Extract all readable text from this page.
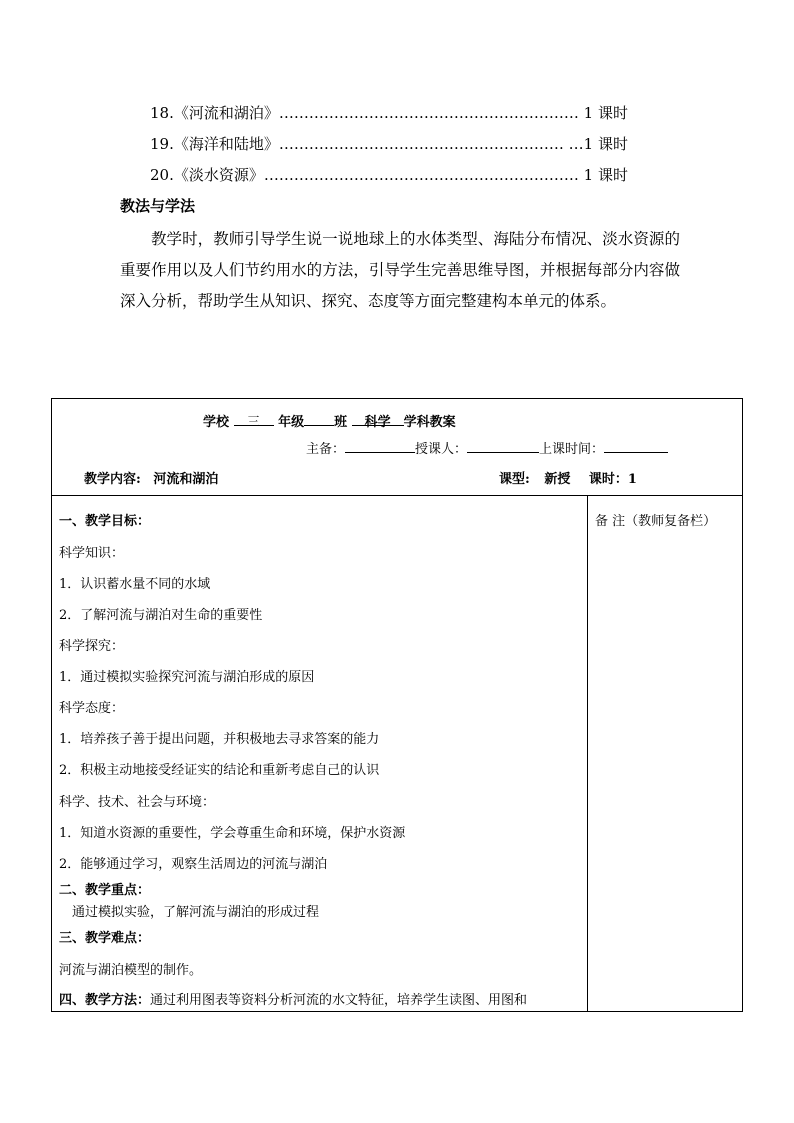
18.《河流和湖泊》…………………………………………………… 1 课时
19.《海洋和陆地》………………………………………………… …1 课时
20.《淡水资源》……………………………………………………… 1 课时
教法与学法
教学时，教师引导学生说一说地球上的水体类型、海陆分布情况、淡水资源的重要作用以及人们节约用水的方法，引导学生完善思维导图，并根据每部分内容做深入分析，帮助学生从知识、探究、态度等方面完整建构本单元的体系。
学校 三 年级 班 科学 学科教案
主备：	授课人：	上课时间：
教学内容: 河流和湖泊	课型: 新授 课时：1
备 注（教师复备栏）
一、教学目标：
科学知识：
1．认识蓄水量不同的水域
2．了解河流与湖泊对生命的重要性
科学探究：
1．通过模拟实验探究河流与湖泊形成的原因
科学态度：
1．培养孩子善于提出问题，并积极地去寻求答案的能力
2．积极主动地接受经证实的结论和重新考虑自己的认识
科学、技术、社会与环境：
1．知道水资源的重要性，学会尊重生命和环境，保护水资源
2．能够通过学习，观察生活周边的河流与湖泊
二、教学重点：
通过模拟实验，了解河流与湖泊的形成过程
三、教学难点：
河流与湖泊模型的制作。
四、教学方法：通过利用图表等资料分析河流的水文特征，培养学生读图、用图和
